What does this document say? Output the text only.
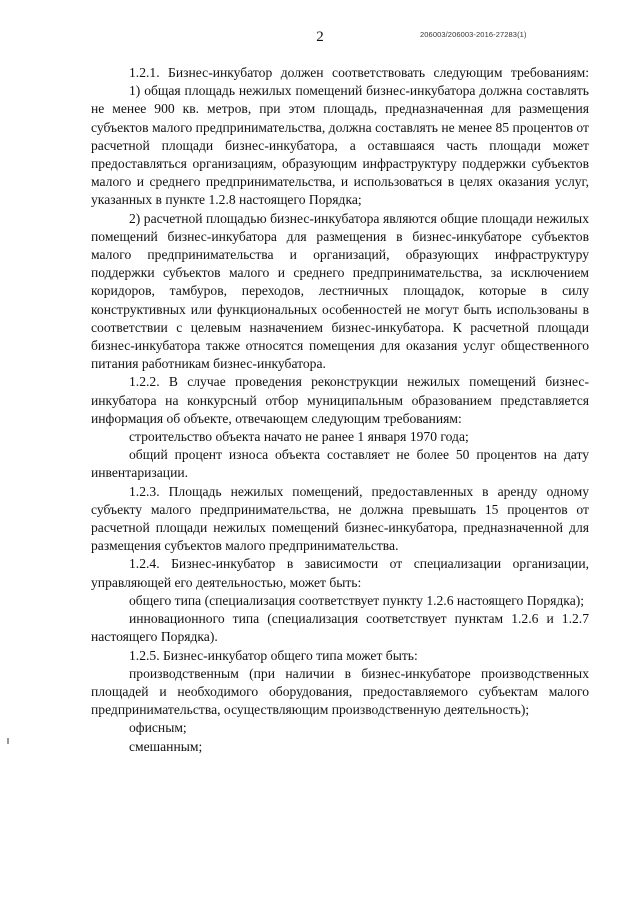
2	206003/206003-2016-27283(1)

1.2.1. Бизнес-инкубатор должен соответствовать следующим требованиям:

1) общая площадь нежилых помещений бизнес-инкубатора должна составлять не менее 900 кв. метров, при этом площадь, предназначенная для размещения субъектов малого предпринимательства, должна составлять не менее 85 процентов от расчетной площади бизнес-инкубатора, а оставшаяся часть площади может предоставляться организациям, образующим инфраструктуру поддержки субъектов малого и среднего предпринимательства, и использоваться в целях оказания услуг, указанных в пункте 1.2.8 настоящего Порядка;

2) расчетной площадью бизнес-инкубатора являются общие площади нежилых помещений бизнес-инкубатора для размещения в бизнес-инкубаторе субъектов малого предпринимательства и организаций, образующих инфраструктуру поддержки субъектов малого и среднего предпринимательства, за исключением коридоров, тамбуров, переходов, лестничных площадок, которые в силу конструктивных или функциональных особенностей не могут быть использованы в соответствии с целевым назначением бизнес-инкубатора. К расчетной площади бизнес-инкубатора также относятся помещения для оказания услуг общественного питания работникам бизнес-инкубатора.

1.2.2. В случае проведения реконструкции нежилых помещений бизнес-инкубатора на конкурсный отбор муниципальным образованием представляется информация об объекте, отвечающем следующим требованиям:

строительство объекта начато не ранее 1 января 1970 года;

общий процент износа объекта составляет не более 50 процентов на дату инвентаризации.

1.2.3. Площадь нежилых помещений, предоставленных в аренду одному субъекту малого предпринимательства, не должна превышать 15 процентов от расчетной площади нежилых помещений бизнес-инкубатора, предназначенной для размещения субъектов малого предпринимательства.

1.2.4. Бизнес-инкубатор в зависимости от специализации организации, управляющей его деятельностью, может быть:

общего типа (специализация соответствует пункту 1.2.6 настоящего Порядка);

инновационного типа (специализация соответствует пунктам 1.2.6 и 1.2.7 настоящего Порядка).

1.2.5. Бизнес-инкубатор общего типа может быть:

производственным (при наличии в бизнес-инкубаторе производственных площадей и необходимого оборудования, предоставляемого субъектам малого предпринимательства, осуществляющим производственную деятельность);

офисным;

смешанным;
